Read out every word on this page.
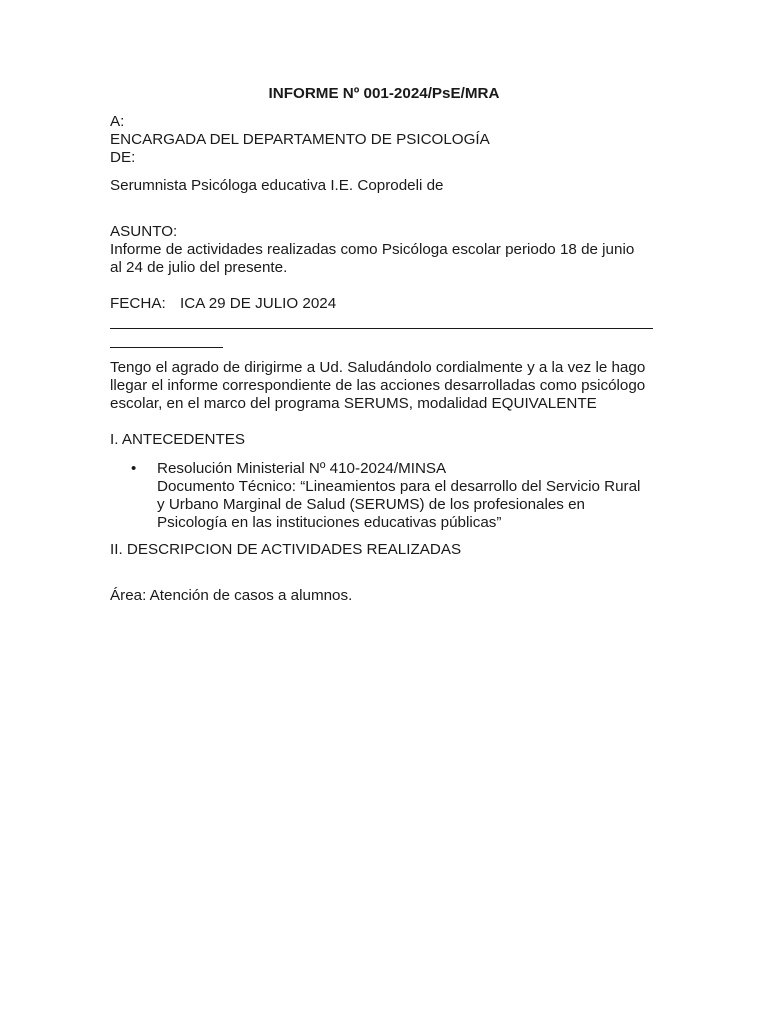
INFORME Nº 001-2024/PsE/MRA
A:
ENCARGADA DEL DEPARTAMENTO DE PSICOLOGÍA
DE:
Serumnista Psicóloga educativa I.E. Coprodeli de
ASUNTO:
Informe de actividades realizadas como Psicóloga escolar periodo 18 de junio
al 24 de julio del presente.
FECHA: ICA 29 DE JULIO 2024
Tengo el agrado de dirigirme a Ud. Saludándolo cordialmente y a la vez le hago
llegar el informe correspondiente de las acciones desarrolladas como psicólogo
escolar, en el marco del programa SERUMS, modalidad EQUIVALENTE
I. ANTECEDENTES
•	Resolución Ministerial Nº 410-2024/MINSA
Documento Técnico: “Lineamientos para el desarrollo del Servicio Rural
y Urbano Marginal de Salud (SERUMS) de los profesionales en
Psicología en las instituciones educativas públicas”
II. DESCRIPCION DE ACTIVIDADES REALIZADAS
Área: Atención de casos a alumnos.
